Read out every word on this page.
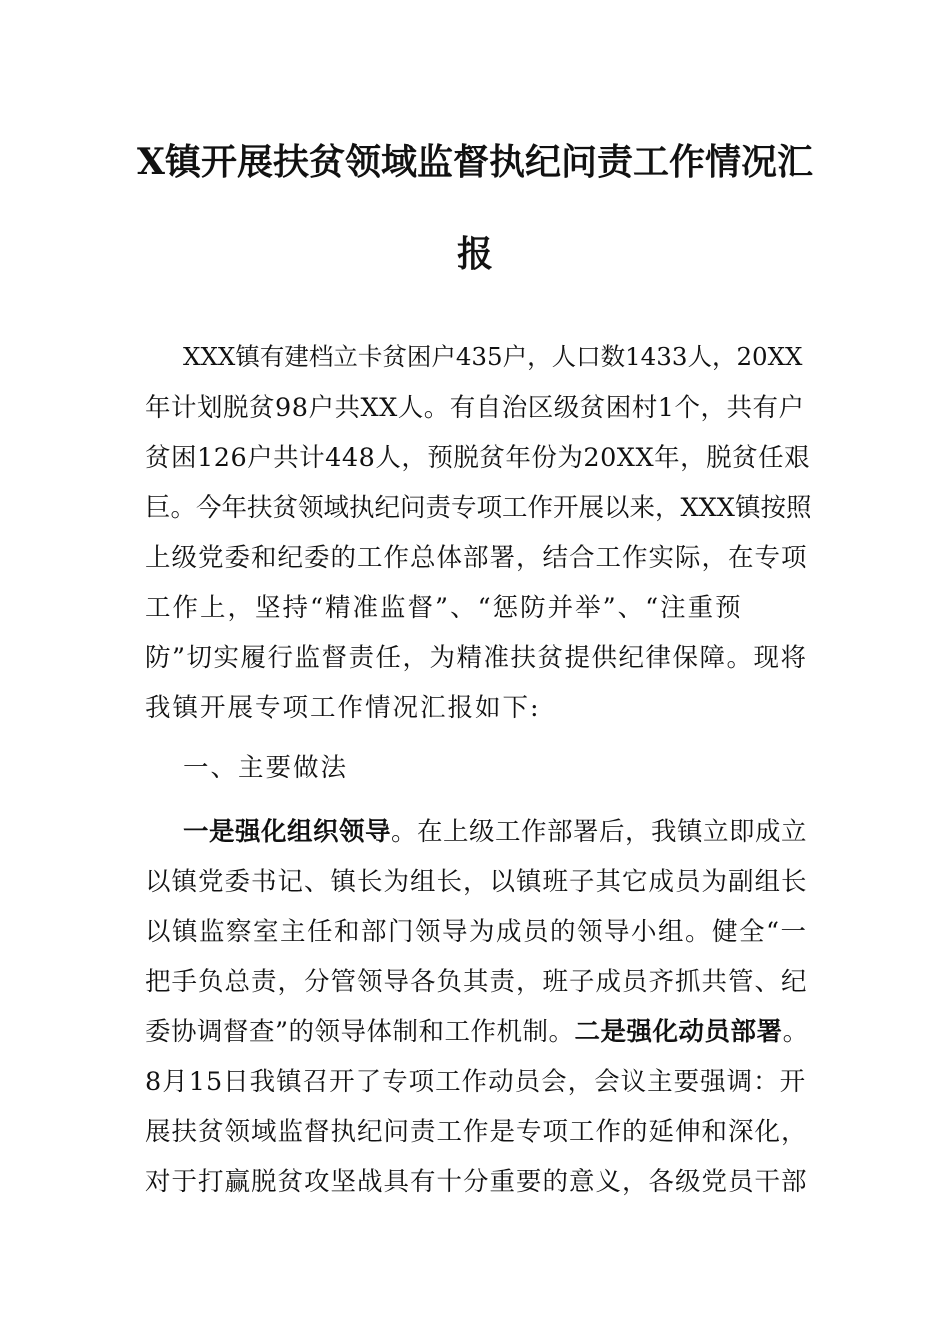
X镇开展扶贫领域监督执纪问责工作情况汇
报
XXX镇有建档立卡贫困户435户，人口数1433人，20XX
年计划脱贫98户共XX人。有自治区级贫困村1个，共有户
贫困126户共计448人，预脱贫年份为20XX年，脱贫任艰
巨。今年扶贫领域执纪问责专项工作开展以来，XXX镇按照
上级党委和纪委的工作总体部署，结合工作实际，在专项
工作上，坚持“精准监督”、“惩防并举”、“注重预
防”切实履行监督责任，为精准扶贫提供纪律保障。现将
我镇开展专项工作情况汇报如下:
一、主要做法
一是强化组织领导。在上级工作部署后，我镇立即成立
以镇党委书记、镇长为组长，以镇班子其它成员为副组长
以镇监察室主任和部门领导为成员的领导小组。健全“一
把手负总责，分管领导各负其责，班子成员齐抓共管、纪
委协调督查”的领导体制和工作机制。二是强化动员部署。
8月15日我镇召开了专项工作动员会，会议主要强调：开
展扶贫领域监督执纪问责工作是专项工作的延伸和深化，
对于打赢脱贫攻坚战具有十分重要的意义，各级党员干部
